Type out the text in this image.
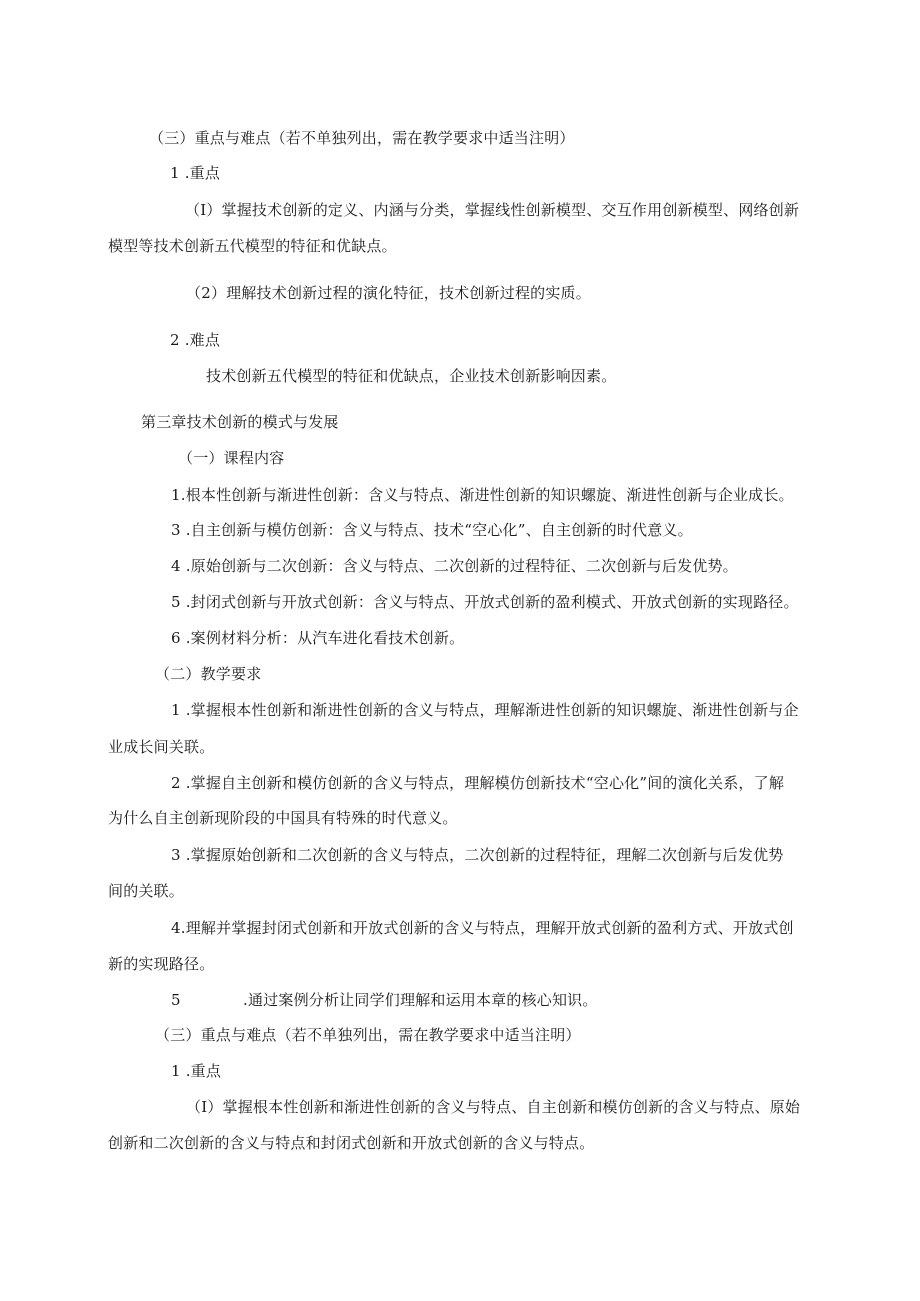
（三）重点与难点（若不单独列出，需在教学要求中适当注明）
1 .重点
（I）掌握技术创新的定义、内涵与分类，掌握线性创新模型、交互作用创新模型、网络创新
模型等技术创新五代模型的特征和优缺点。
（2）理解技术创新过程的演化特征，技术创新过程的实质。
2 .难点
技术创新五代模型的特征和优缺点，企业技术创新影响因素。
第三章技术创新的模式与发展
（一）课程内容
1.根本性创新与渐进性创新：含义与特点、渐进性创新的知识螺旋、渐进性创新与企业成长。
3 .自主创新与模仿创新：含义与特点、技术“空心化”、自主创新的时代意义。
4 .原始创新与二次创新：含义与特点、二次创新的过程特征、二次创新与后发优势。
5 .封闭式创新与开放式创新：含义与特点、开放式创新的盈利模式、开放式创新的实现路径。
6 .案例材料分析：从汽车进化看技术创新。
（二）教学要求
1 .掌握根本性创新和渐进性创新的含义与特点，理解渐进性创新的知识螺旋、渐进性创新与企
业成长间关联。
2 .掌握自主创新和模仿创新的含义与特点，理解模仿创新技术“空心化”间的演化关系，了解
为什么自主创新现阶段的中国具有特殊的时代意义。
3 .掌握原始创新和二次创新的含义与特点，二次创新的过程特征，理解二次创新与后发优势
间的关联。
4.理解并掌握封闭式创新和开放式创新的含义与特点，理解开放式创新的盈利方式、开放式创
新的实现路径。
5	.通过案例分析让同学们理解和运用本章的核心知识。
（三）重点与难点（若不单独列出，需在教学要求中适当注明）
1 .重点
（I）掌握根本性创新和渐进性创新的含义与特点、自主创新和模仿创新的含义与特点、原始
创新和二次创新的含义与特点和封闭式创新和开放式创新的含义与特点。
